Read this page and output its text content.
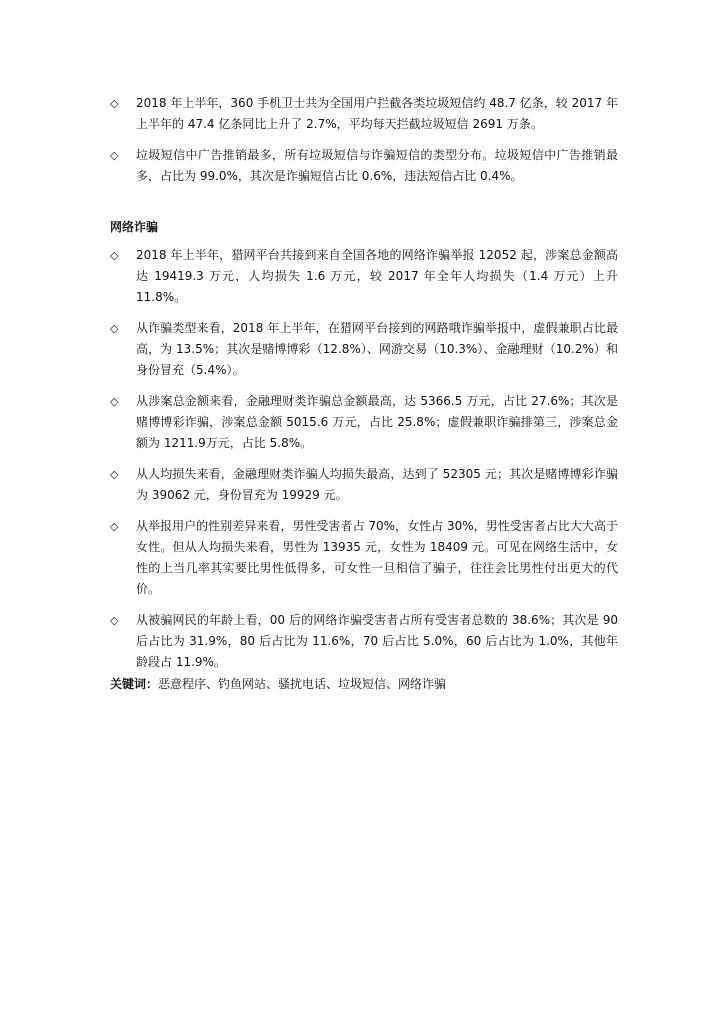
◇ 2018 年上半年，360 手机卫士共为全国用户拦截各类垃圾短信约 48.7 亿条，较 2017 年上半年的 47.4 亿条同比上升了 2.7%，平均每天拦截垃圾短信 2691 万条。
◇ 垃圾短信中广告推销最多，所有垃圾短信与诈骗短信的类型分布。垃圾短信中广告推销最多，占比为 99.0%，其次是诈骗短信占比 0.6%，违法短信占比 0.4%。
网络诈骗
◇ 2018 年上半年，猎网平台共接到来自全国各地的网络诈骗举报 12052 起，涉案总金额高达 19419.3 万元，人均损失 1.6 万元，较 2017 年全年人均损失（1.4 万元）上升 11.8%。
◇ 从诈骗类型来看，2018 年上半年，在猎网平台接到的网路哦诈骗举报中，虚假兼职占比最高，为 13.5%；其次是赌博博彩（12.8%）、网游交易（10.3%）、金融理财（10.2%）和身份冒充（5.4%）。
◇ 从涉案总金额来看，金融理财类诈骗总金额最高，达 5366.5 万元，占比 27.6%；其次是赌博博彩诈骗，涉案总金额 5015.6 万元，占比 25.8%；虚假兼职诈骗排第三，涉案总金额为 1211.9万元，占比 5.8%。
◇ 从人均损失来看，金融理财类诈骗人均损失最高，达到了 52305 元；其次是赌博博彩诈骗为 39062 元，身份冒充为 19929 元。
◇ 从举报用户的性别差异来看，男性受害者占 70%，女性占 30%，男性受害者占比大大高于女性。但从人均损失来看，男性为 13935 元，女性为 18409 元。可见在网络生活中，女性的上当几率其实要比男性低得多，可女性一旦相信了骗子，往往会比男性付出更大的代价。
◇ 从被骗网民的年龄上看，00 后的网络诈骗受害者占所有受害者总数的 38.6%；其次是 90 后占比为 31.9%，80 后占比为 11.6%，70 后占比 5.0%，60 后占比为 1.0%，其他年龄段占 11.9%。
关键词：恶意程序、钓鱼网站、骚扰电话、垃圾短信、网络诈骗
